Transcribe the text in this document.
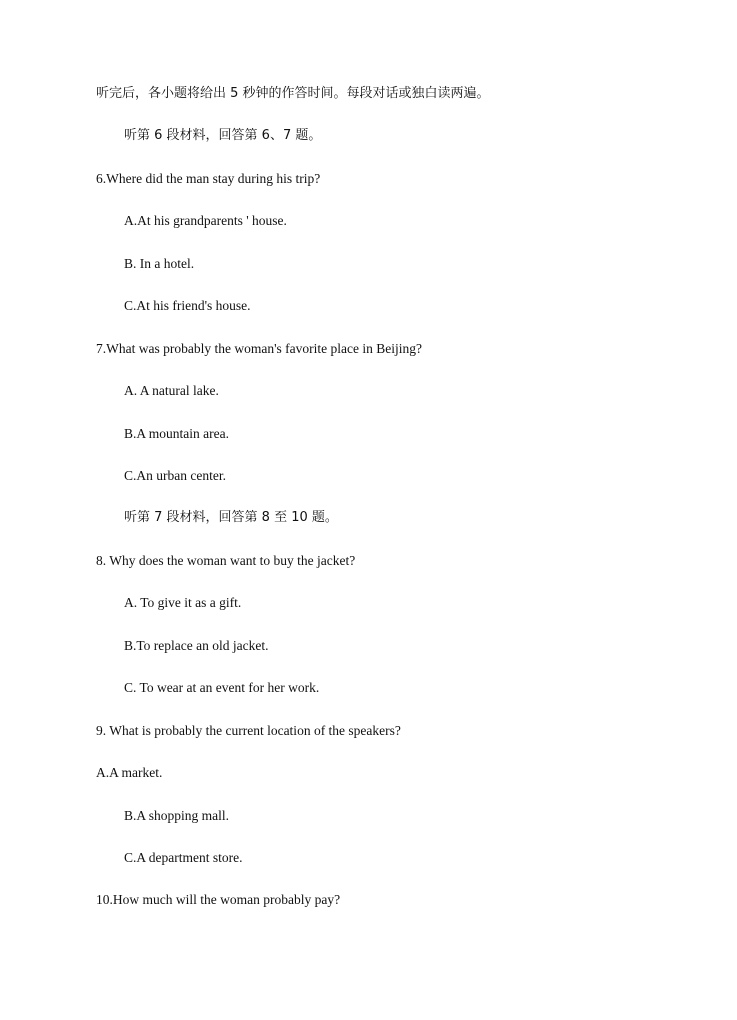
听完后，各小题将给出 5 秒钟的作答时间。每段对话或独白读两遍。
听第 6 段材料，回答第 6、7 题。
6.Where did the man stay during his trip?
A.At his grandparents ' house.
B. In a hotel.
C.At his friend's house.
7.What was probably the woman's favorite place in Beijing?
A. A natural lake.
B.A mountain area.
C.An urban center.
听第 7 段材料，回答第 8 至 10 题。
8. Why does the woman want to buy the jacket?
A. To give it as a gift.
B.To replace an old jacket.
C. To wear at an event for her work.
9. What is probably the current location of the speakers?
A.A market.
B.A shopping mall.
C.A department store.
10.How much will the woman probably pay?
